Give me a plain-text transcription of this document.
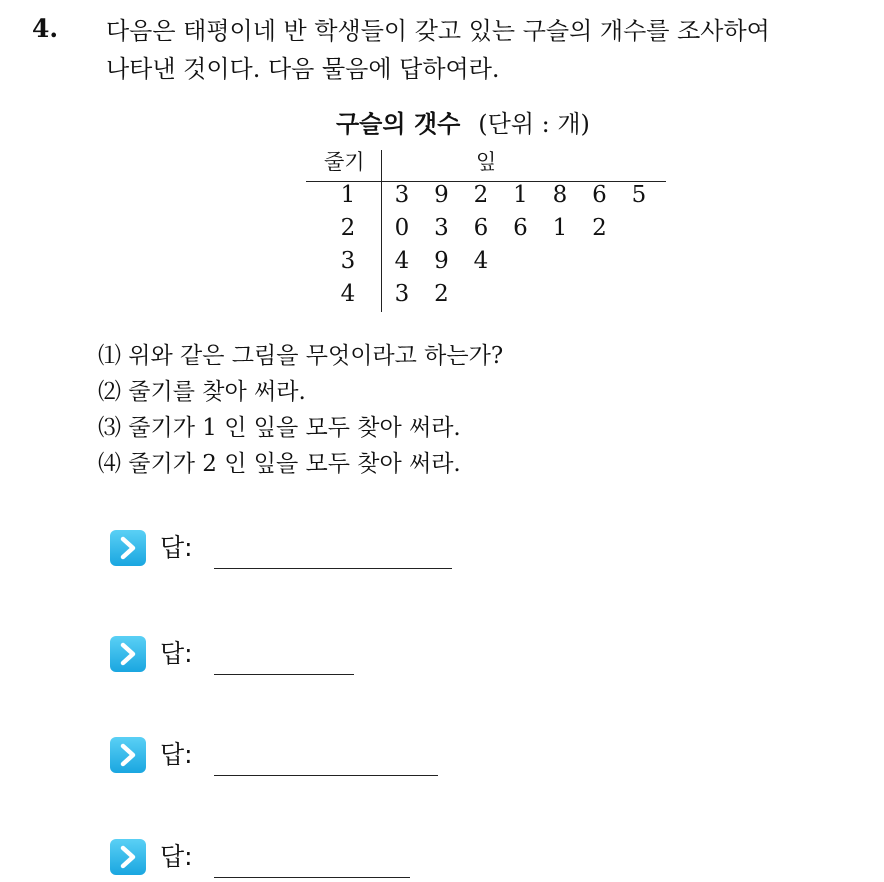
4. 다음은 태평이네 반 학생들이 갖고 있는 구슬의 개수를 조사하여
나타낸 것이다. 다음 물음에 답하여라.
구슬의 갯수 (단위 : 개)
줄기	잎
1 3 9 2 1 8 6 5
2 0 3 6 6 1 2
3 4 9 4
4 3 2
⑴ 위와 같은 그림을 무엇이라고 하는가?
⑵ 줄기를 찾아 써라.
⑶ 줄기가 1 인 잎을 모두 찾아 써라.
⑷ 줄기가 2 인 잎을 모두 찾아 써라.
답:
답:
답:
답:
